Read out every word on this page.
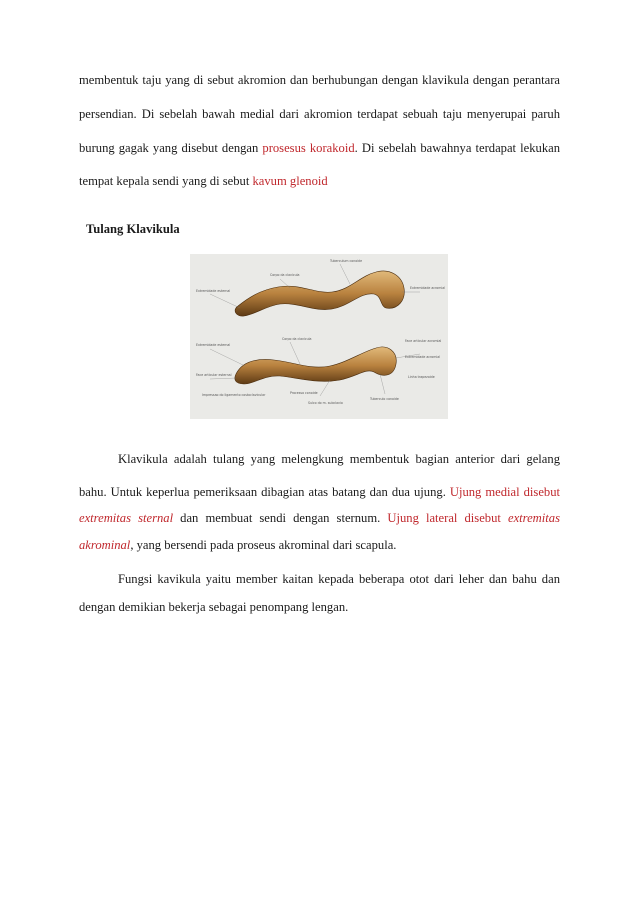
membentuk taju yang di sebut akromion dan berhubungan dengan klavikula dengan perantara
persendian. Di sebelah bawah medial dari akromion terdapat sebuah taju menyerupai paruh
burung gagak yang disebut dengan prosesus korakoid. Di sebelah bawahnya terdapat lekukan
tempat kepala sendi yang di sebut kavum glenoid
Tulang Klavikula
Extremidade esternal
Corpo da clavicula
Tuberculum conoide
Extremidade acromial
Extremidade esternal
Corpo da clavicula	Face articular acromial
Face articular esternal
Impressao do ligamento costoclavicular	Processo conoide
Sulco do m. subclavio
Tuberculo conoide
Linha trapezoide
Extremidade acromial
Klavikula adalah tulang yang melengkung membentuk bagian anterior dari gelang
bahu. Untuk keperlua pemeriksaan dibagian atas batang dan dua ujung. Ujung medial disebut
extremitas sternal dan membuat sendi dengan sternum. Ujung lateral disebut extremitas
akrominal, yang bersendi pada proseus akrominal dari scapula.
Fungsi kavikula yaitu member kaitan kepada beberapa otot dari leher dan bahu dan
dengan demikian bekerja sebagai penompang lengan.
